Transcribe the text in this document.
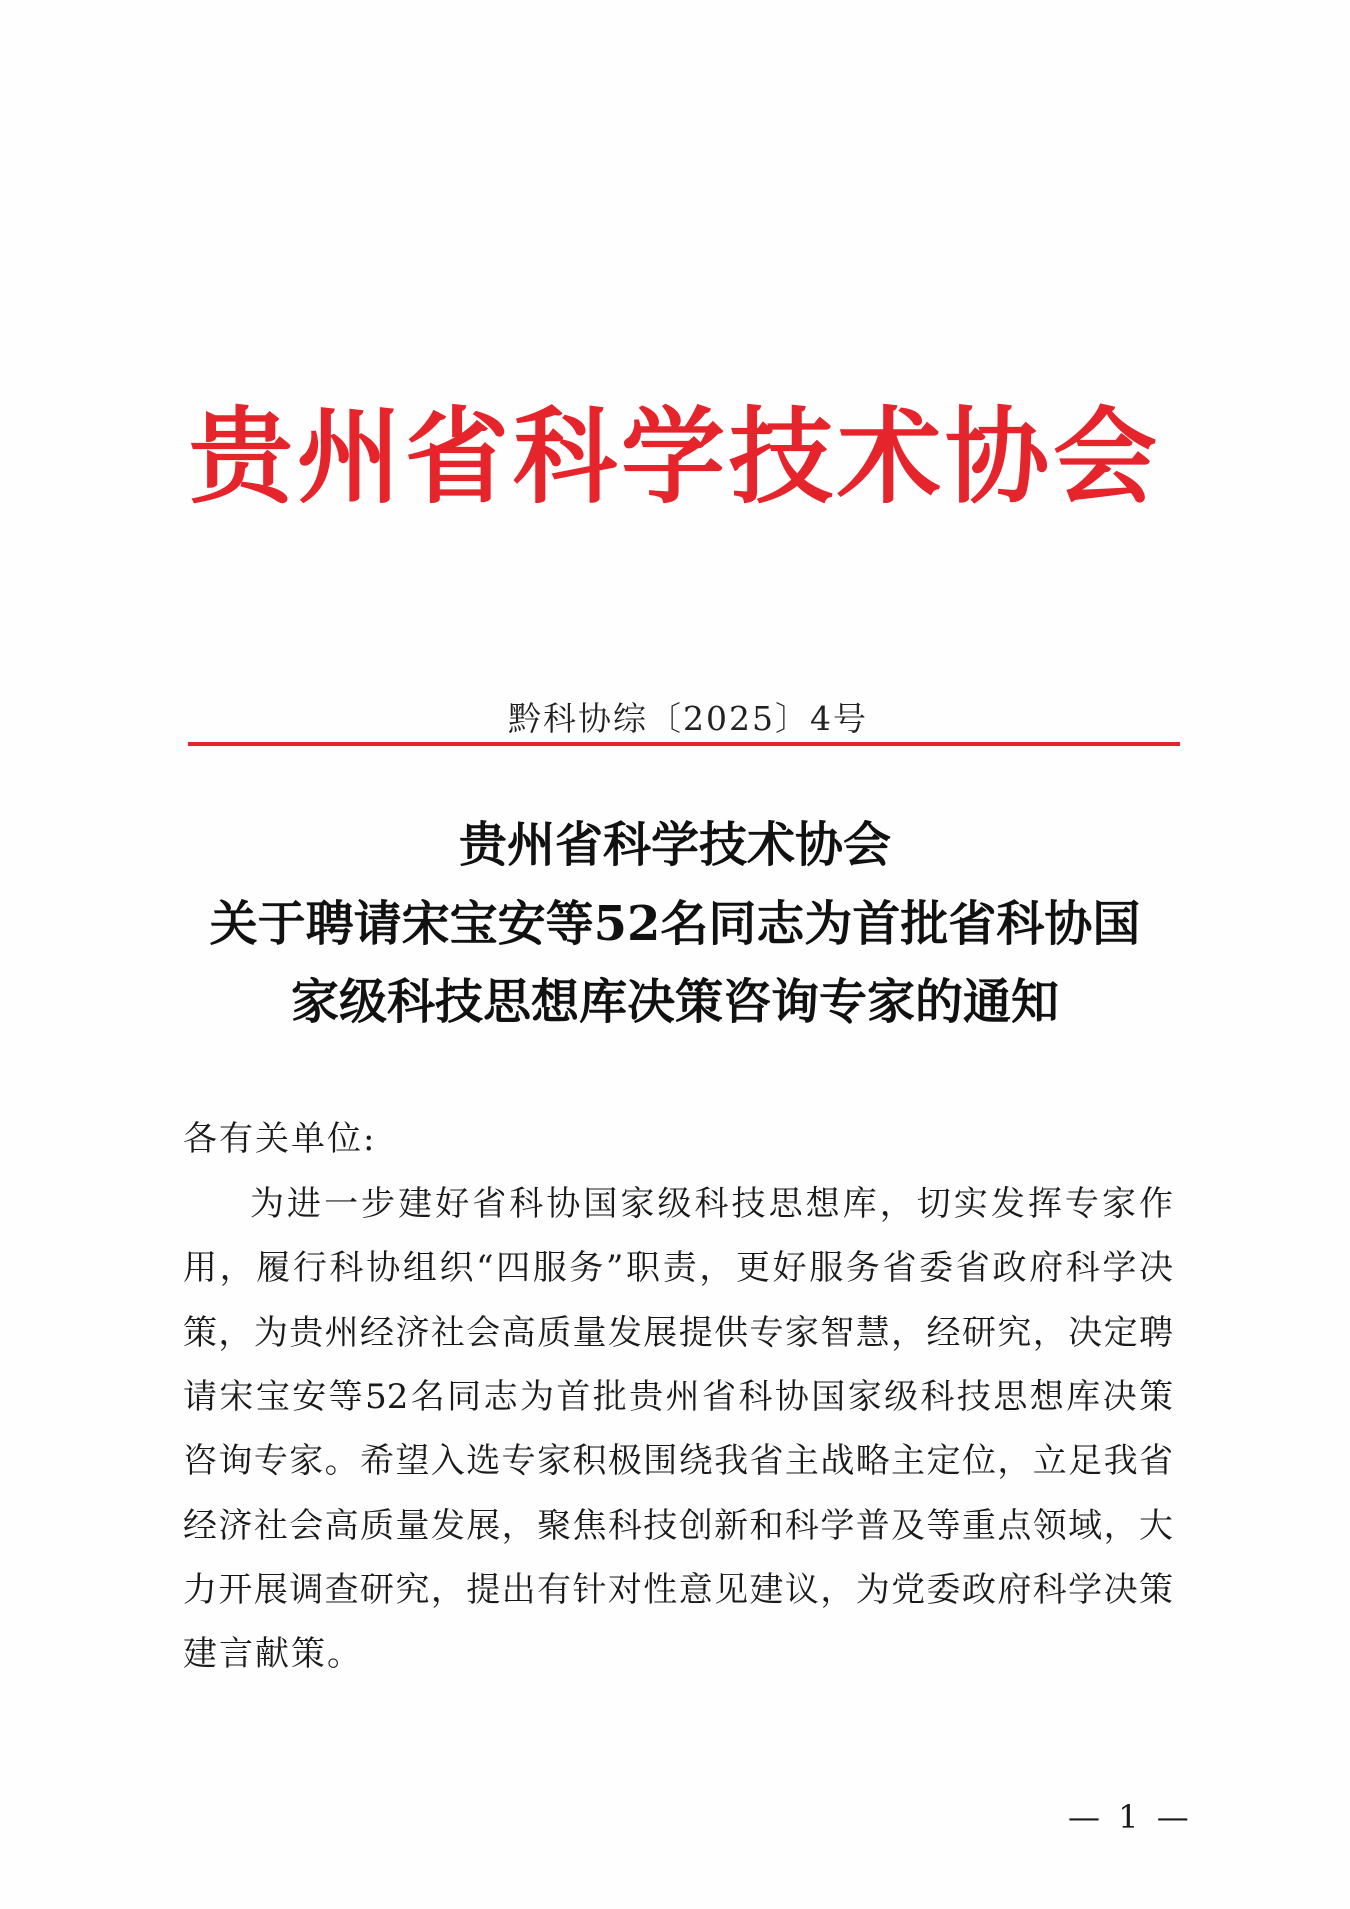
贵州省科学技术协会
黔科协综〔2025〕4号
贵州省科学技术协会
关于聘请宋宝安等52名同志为首批省科协国
家级科技思想库决策咨询专家的通知
各有关单位:
为进一步建好省科协国家级科技思想库，切实发挥专家作
用，履行科协组织“四服务”职责，更好服务省委省政府科学决
策，为贵州经济社会高质量发展提供专家智慧，经研究，决定聘
请宋宝安等52名同志为首批贵州省科协国家级科技思想库决策
咨询专家。希望入选专家积极围绕我省主战略主定位，立足我省
经济社会高质量发展，聚焦科技创新和科学普及等重点领域，大
力开展调查研究，提出有针对性意见建议，为党委政府科学决策
建言献策。
— 1 —
